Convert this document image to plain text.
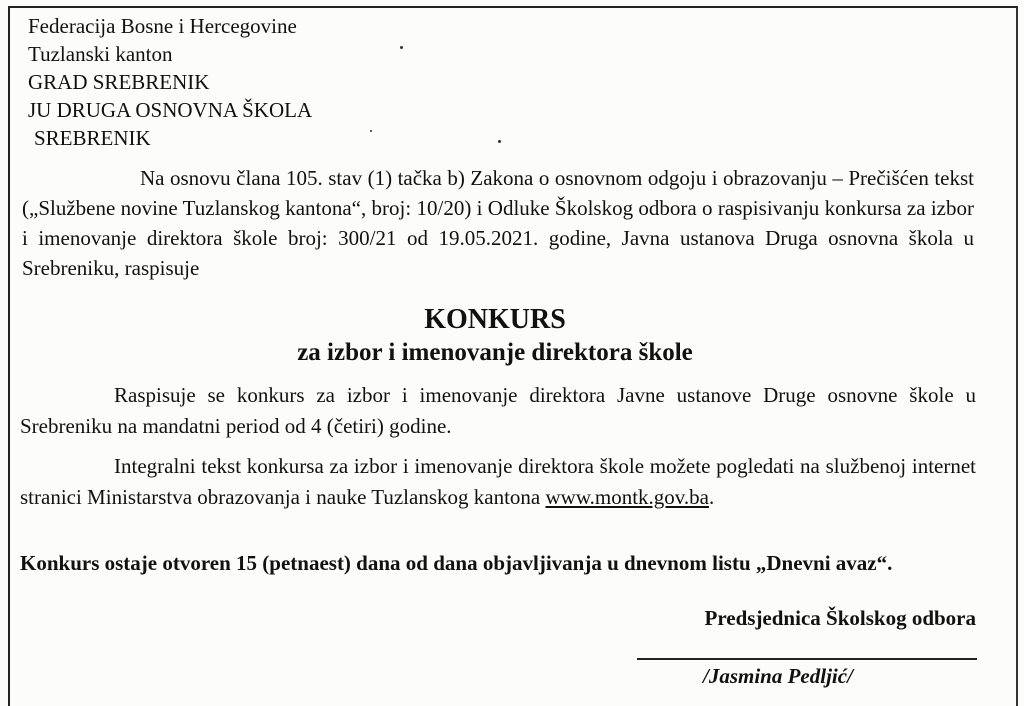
Federacija Bosne i Hercegovine
Tuzlanski kanton
GRAD SREBRENIK
JU DRUGA OSNOVNA ŠKOLA
SREBRENIK
Na osnovu člana 105. stav (1) tačka b) Zakona o osnovnom odgoju i obrazovanju – Prečišćen tekst („Službene novine Tuzlanskog kantona“, broj: 10/20) i Odluke Školskog odbora o raspisivanju konkursa za izbor i imenovanje direktora škole broj: 300/21 od 19.05.2021. godine, Javna ustanova Druga osnovna škola u Srebreniku, raspisuje
KONKURS
za izbor i imenovanje direktora škole
Raspisuje se konkurs za izbor i imenovanje direktora Javne ustanove Druge osnovne škole u Srebreniku na mandatni period od 4 (četiri) godine.
Integralni tekst konkursa za izbor i imenovanje direktora škole možete pogledati na službenoj internet stranici Ministarstva obrazovanja i nauke Tuzlanskog kantona www.montk.gov.ba.
Konkurs ostaje otvoren 15 (petnaest) dana od dana objavljivanja u dnevnom listu „Dnevni avaz“.
Predsjednica Školskog odbora
/Jasmina Pedljić/
